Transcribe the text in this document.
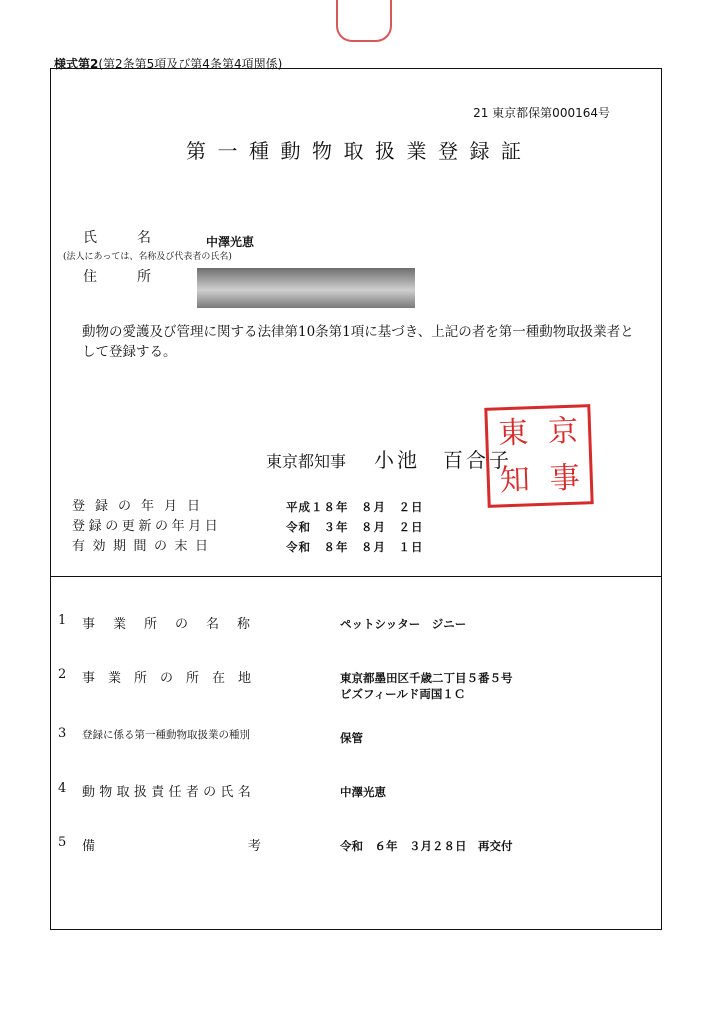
様式第2(第2条第5項及び第4条第4項関係)
21 東京都保第000164号
第一種動物取扱業登録証
氏　　名	中澤光恵
(法人にあっては、名称及び代表者の氏名)
住　　所
動物の愛護及び管理に関する法律第10条第1項に基づき、上記の者を第一種動物取扱業者として登録する。
東 京
知 事
東京都知事 小池　百合子
登録の年月日	平成１８年　８月　２日
登録の更新の年月日	令和　３年　８月　２日
有効期間の末日	令和　８年　８月　１日
1 事業所の名称	ペットシッター　ジニー
2 事業所の所在地	東京都墨田区千歳二丁目５番５号
ビズフィールド両国１Ｃ
3 登録に係る第一種動物取扱業の種別	保管
4 動物取扱責任者の氏名	中澤光恵
5 備	考	令和　６年　３月２８日　再交付
